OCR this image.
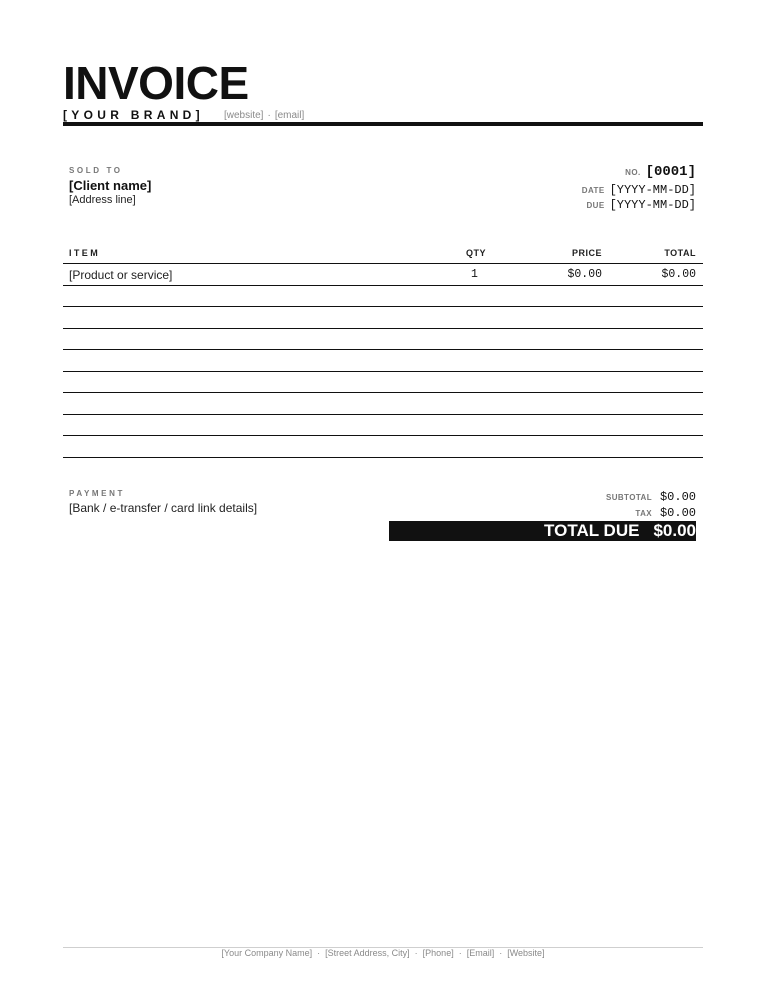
INVOICE
[YOUR BRAND] [website] · [email]
SOLD TO
[Client name]
[Address line]
NO. [0001]
DATE [YYYY-MM-DD]
DUE [YYYY-MM-DD]
ITEM	QTY	PRICE	TOTAL
[Product or service]	1	$0.00	$0.00
PAYMENT
[Bank / e-transfer / card link details]
SUBTOTAL $0.00
TAX $0.00
TOTAL DUE $0.00
[Your Company Name] · [Street Address, City] · [Phone] · [Email] · [Website]
